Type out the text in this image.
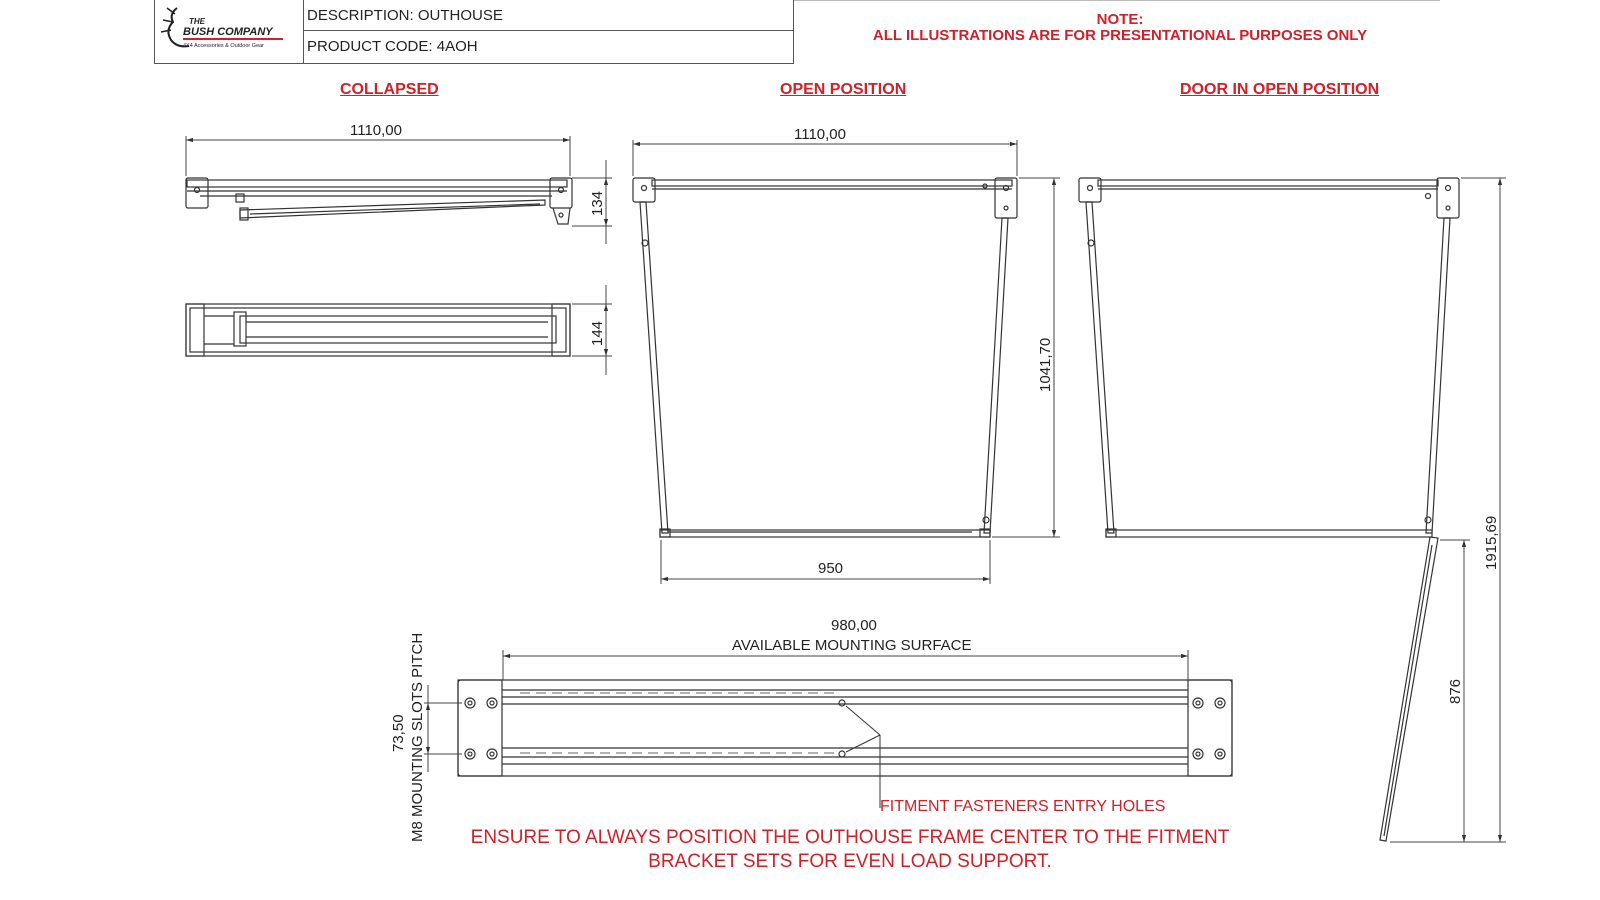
THE
BUSH COMPANY
4X4 Accessories & Outdoor Gear
DESCRIPTION: OUTHOUSE
PRODUCT CODE: 4AOH
NOTE:
ALL ILLUSTRATIONS ARE FOR PRESENTATIONAL PURPOSES ONLY
COLLAPSED	OPEN POSITION	DOOR IN OPEN POSITION
1110,00
134
144
1110,00
1041,70
950	1915,69
876
980,00
AVAILABLE MOUNTING SURFACE
73,50 M8 MOUNTING SLOTS PITCH	FITMENT FASTENERS ENTRY HOLES
ENSURE TO ALWAYS POSITION THE OUTHOUSE FRAME CENTER TO THE FITMENT
BRACKET SETS FOR EVEN LOAD SUPPORT.
